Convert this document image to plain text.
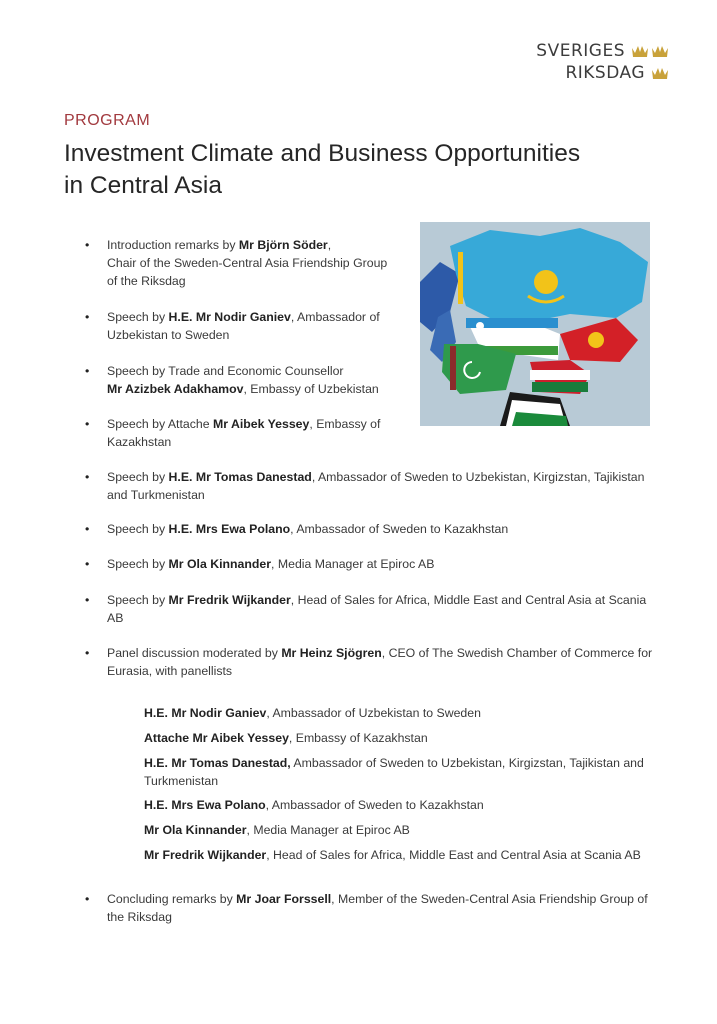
SVERIGES
RIKSDAG
PROGRAM
Investment Climate and Business Opportunities
in Central Asia
• Introduction remarks by Mr Björn Söder,
Chair of the Sweden-Central Asia Friendship Group
of the Riksdag
• Speech by H.E. Mr Nodir Ganiev, Ambassador of
Uzbekistan to Sweden
• Speech by Trade and Economic Counsellor
Mr Azizbek Adakhamov, Embassy of Uzbekistan
• Speech by Attache Mr Aibek Yessey, Embassy of
Kazakhstan
• Speech by H.E. Mr Tomas Danestad, Ambassador of Sweden to Uzbekistan, Kirgizstan, Tajikistan and Turkmenistan
• Speech by H.E. Mrs Ewa Polano, Ambassador of Sweden to Kazakhstan
• Speech by Mr Ola Kinnander, Media Manager at Epiroc AB
• Speech by Mr Fredrik Wijkander, Head of Sales for Africa, Middle East and Central Asia at Scania AB
• Panel discussion moderated by Mr Heinz Sjögren, CEO of The Swedish Chamber of Commerce for Eurasia, with panellists
H.E. Mr Nodir Ganiev, Ambassador of Uzbekistan to Sweden
Attache Mr Aibek Yessey, Embassy of Kazakhstan
H.E. Mr Tomas Danestad, Ambassador of Sweden to Uzbekistan, Kirgizstan, Tajikistan and Turkmenistan
H.E. Mrs Ewa Polano, Ambassador of Sweden to Kazakhstan
Mr Ola Kinnander, Media Manager at Epiroc AB
Mr Fredrik Wijkander, Head of Sales for Africa, Middle East and Central Asia at Scania AB
• Concluding remarks by Mr Joar Forssell, Member of the Sweden-Central Asia Friendship Group of the Riksdag
